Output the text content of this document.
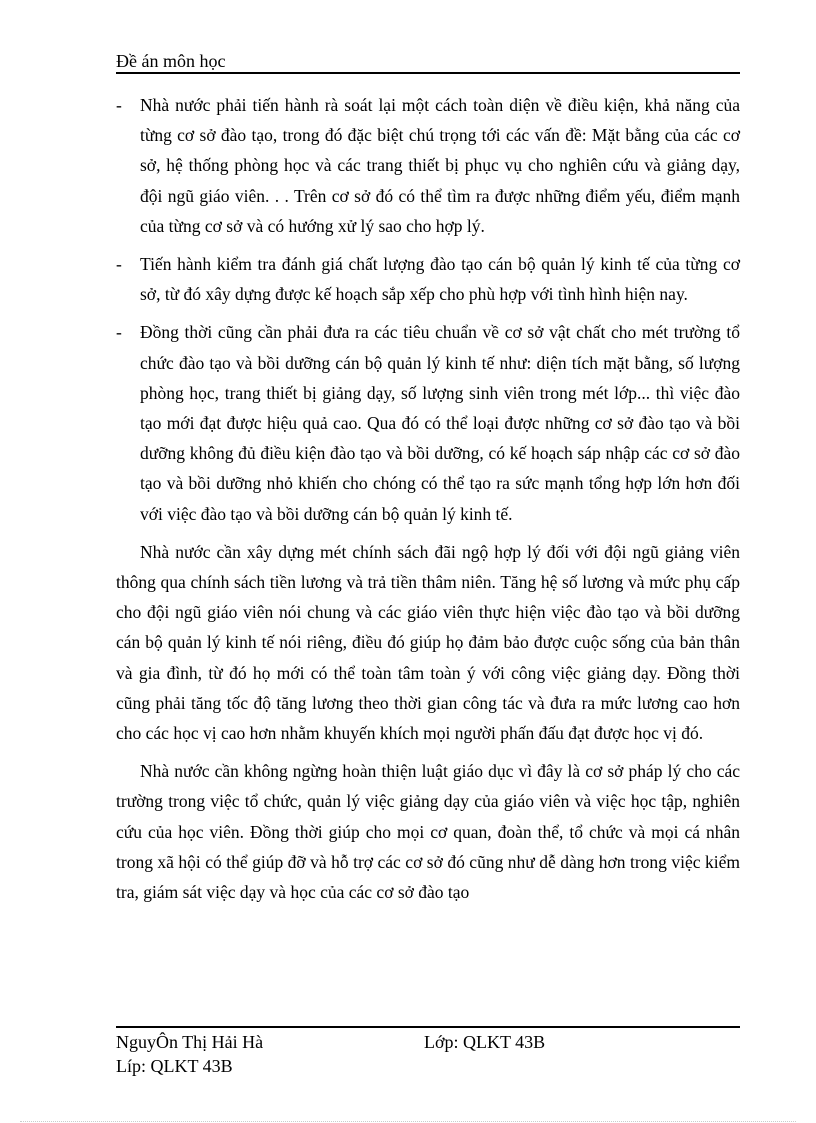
Đề án môn học
-	Nhà nước phải tiến hành rà soát lại một cách toàn diện về điều kiện, khả năng của từng cơ sở đào tạo, trong đó đặc biệt chú trọng tới các vấn đề: Mặt bằng của các cơ sở, hệ thống phòng học và các trang thiết bị phục vụ cho nghiên cứu và giảng dạy, đội ngũ giáo viên. . . Trên cơ sở đó có thể tìm ra được những điểm yếu, điểm mạnh của từng cơ sở và có hướng xử lý sao cho hợp lý.
-	Tiến hành kiểm tra đánh giá chất lượng đào tạo cán bộ quản lý kinh tế của từng cơ sở, từ đó xây dựng được kế hoạch sắp xếp cho phù hợp với tình hình hiện nay.
-	Đồng thời cũng cần phải đưa ra các tiêu chuẩn về cơ sở vật chất cho mét trường tổ chức đào tạo và bồi dưỡng cán bộ quản lý kinh tế như: diện tích mặt bằng, số lượng phòng học, trang thiết bị giảng dạy, số lượng sinh viên trong mét lớp... thì việc đào tạo mới đạt được hiệu quả cao. Qua đó có thể loại được những cơ sở đào tạo và bồi dưỡng không đủ điều kiện đào tạo và bồi dưỡng, có kế hoạch sáp nhập các cơ sở đào tạo và bồi dưỡng nhỏ khiến cho chóng có thể tạo ra sức mạnh tổng hợp lớn hơn đối với việc đào tạo và bồi dưỡng cán bộ quản lý kinh tế.

Nhà nước cần xây dựng mét chính sách đãi ngộ hợp lý đối với đội ngũ giảng viên thông qua chính sách tiền lương và trả tiền thâm niên. Tăng hệ số lương và mức phụ cấp cho đội ngũ giáo viên nói chung và các giáo viên thực hiện việc đào tạo và bồi dưỡng cán bộ quản lý kinh tế nói riêng, điều đó giúp họ đảm bảo được cuộc sống của bản thân và gia đình, từ đó họ mới có thể toàn tâm toàn ý với công việc giảng dạy. Đồng thời cũng phải tăng tốc độ tăng lương theo thời gian công tác và đưa ra mức lương cao hơn cho các học vị cao hơn nhằm khuyến khích mọi người phấn đấu đạt được học vị đó.

Nhà nước cần không ngừng hoàn thiện luật giáo dục vì đây là cơ sở pháp lý cho các trường trong việc tổ chức, quản lý việc giảng dạy của giáo viên và việc học tập, nghiên cứu của học viên. Đồng thời giúp cho mọi cơ quan, đoàn thể, tổ chức và mọi cá nhân trong xã hội có thể giúp đỡ và hỗ trợ các cơ sở đó cũng như dễ dàng hơn trong việc kiểm tra, giám sát việc dạy và học của các cơ sở đào tạo

NguyÔn Thị Hải Hà
Líp: QLKT 43B
Lớp: QLKT 43B
